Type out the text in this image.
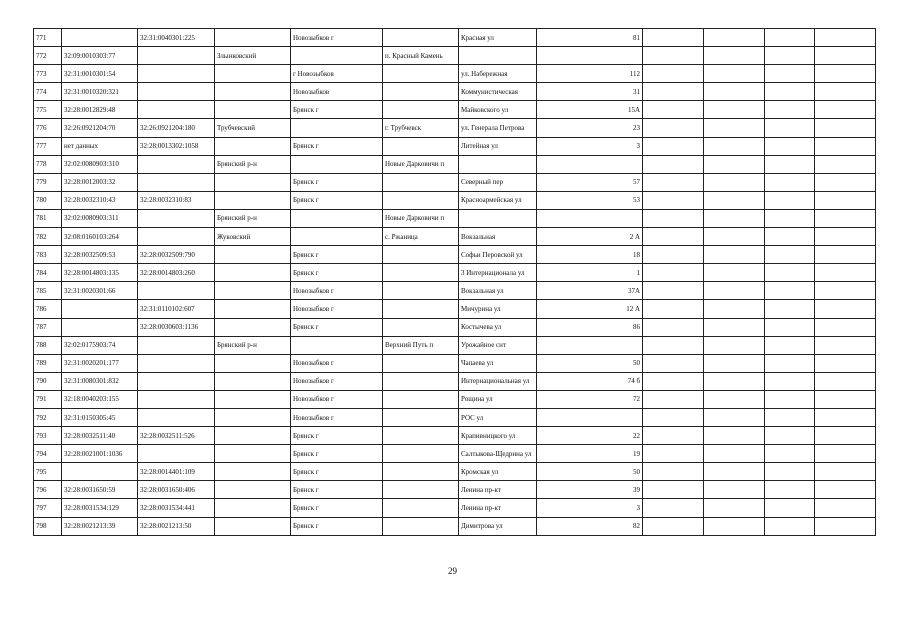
771		32:31:0040301:225		Новозыбков г		Красная ул	81				
772	32:09:0010303:77		Злынковский		п. Красный Камень						
773	32:31:0010301:54			г Новозыбков		ул. Набережная	112				
774	32:31:0010320:321			Новозыбков		Коммунистическая	31				
775	32:28:0012829:48			Брянск г		Майковского ул	15А				
776	32:26:0921204:70	32:26:0921204:180	Трубчевский		г. Трубчевск	ул. Генерала Петрова	23				
777	нет данных	32:28:0013302:1058		Брянск г		Литейная ул	3				
778	32:02:0080903:310		Брянский р-н		Новые Дарковичи п						
779	32:28:0012003:32			Брянск г		Северный пер	57				
780	32:28:0032310:43	32:28:0032310:83		Брянск г		Красноармейская ул	53				
781	32:02:0080903:311		Брянский р-н		Новые Дарковичи п						
782	32:08:0160103:264		Жуковский		с. Ржаница	Вокзальная	2 А				
783	32:28:0032509:53	32:28:0032509:790		Брянск г		Софьи Перовской ул	18				
784	32:28:0014803:135	32:28:0014803:260		Брянск г		3 Интернационала ул	1				
785	32:31:0020301:66			Новозыбков г		Вокзальная ул	37А				
786		32:31:0110102:607		Новозыбков г		Мичурина ул	12 А				
787		32:28:0030603:1136		Брянск г		Костычева ул	86				
788	32:02:0175903:74		Брянский р-н		Верхний Путь п	Урожайное снт					
789	32:31:0020201:177			Новозыбков г		Чапаева ул	50				
790	32:31:0080301:832			Новозыбков г		Интернациональная ул	74 б				
791	32:18:0040203:155			Новозыбков г		Рощина ул	72				
792	32:31:0150305:45			Новозыбков г		РОС ул					
793	32:28:0032511:40	32:28:0032511:526		Брянск г		Крапивницкого ул	22				
794	32:28:0021001:1036			Брянск г		Салтыкова-Щедрина ул	19				
795		32:28:0014401:109		Брянск г		Кромская ул	50				
796	32:28:0031650:59	32:28:0031650:406		Брянск г		Ленина пр-кт	39				
797	32:28:0031534:129	32:28:0031534:441		Брянск г		Ленина пр-кт	3				
798	32:28:0021213:39	32:28:0021213:50		Брянск г		Димитрова ул	82				
29
